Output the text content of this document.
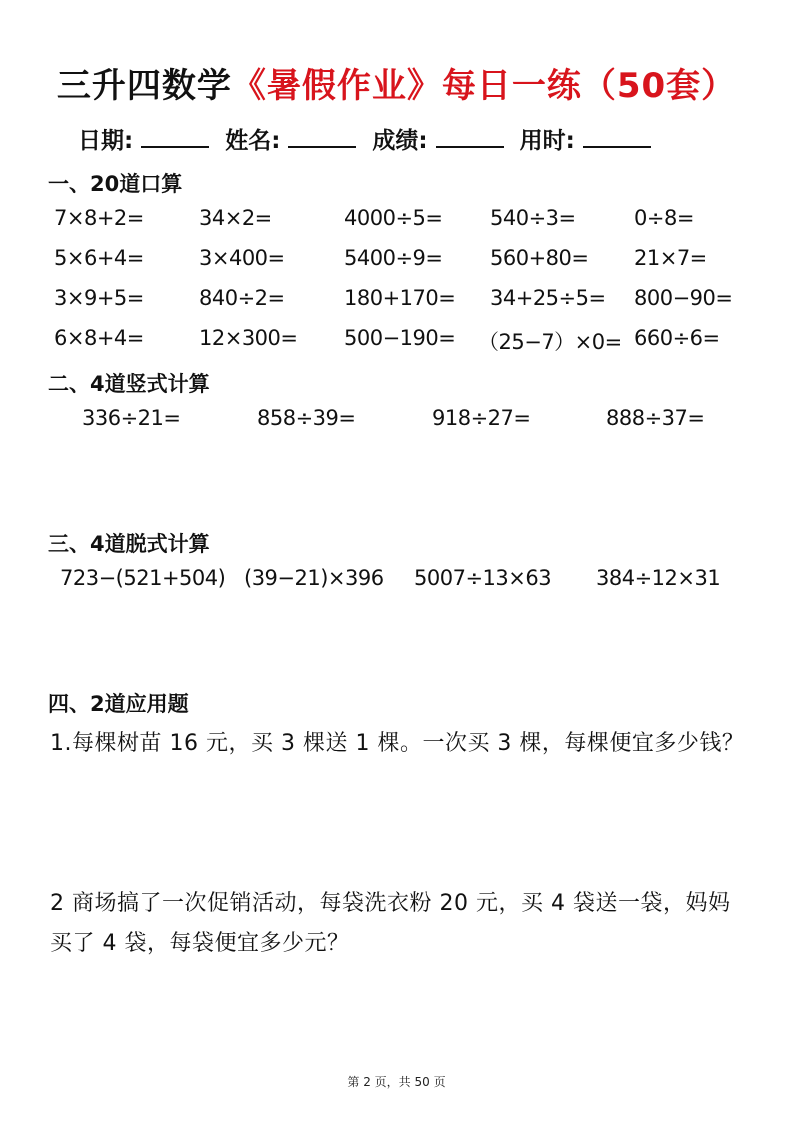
三升四数学《暑假作业》每日一练（50套）
日期:	姓名:	成绩:	用时:
一、20道口算
7×8+2=	34×2=	4000÷5= 540÷3=	0÷8=
5×6+4=	3×400=	5400÷9= 560+80= 21×7=
3×9+5=	840÷2=	180+170= 34+25÷5= 800−90=
6×8+4=	12×300= 500−190= （25−7）×0= 660÷6=
二、4道竖式计算
336÷21=	858÷39=	918÷27=	888÷37=
三、4道脱式计算
723−(521+504) (39−21)×396 5007÷13×63 384÷12×31
四、2道应用题
1.每棵树苗 16 元，买 3 棵送 1 棵。一次买 3 棵，每棵便宜多少钱？
2 商场搞了一次促销活动，每袋洗衣粉 20 元，买 4 袋送一袋，妈妈
买了 4 袋，每袋便宜多少元？
第 2 页，共 50 页
